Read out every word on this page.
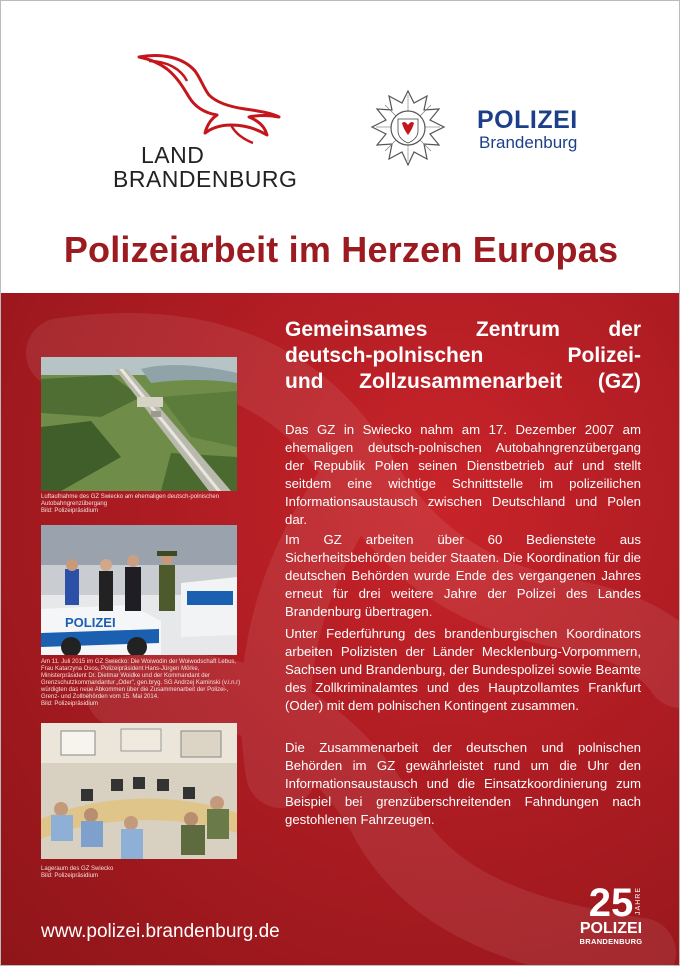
LAND
BRANDENBURG
POLIZEI
Brandenburg
Polizeiarbeit im Herzen Europas
Luftaufnahme des GZ Swiecko am ehemaligen deutsch-polnischen Autobahngrenzübergang
Bild: Polizeipräsidium
POLIZEI
Am 11. Juli 2015 im GZ Swiecko: Die Woiwodin der Woiwodschaft Lebus, Frau Katarzyna Osos, Polizeipräsident Hans-Jürgen Mörke, Ministerpräsident Dr. Dietmar Woidke und der Kommandant der Grenzschutzkommandantur „Oder", gen.bryg. SG Andrzej Kaminski (v.l.n.r) würdigten das neue Abkommen über die Zusammenarbeit der Polizei-, Grenz- und Zollbehörden vom 15. Mai 2014.
Bild: Polizeipräsidium
Lageraum des GZ Swiecko
Bild: Polizeipräsidium
Gemeinsames Zentrum der
deutsch-polnischen Polizei-
und Zollzusammenarbeit (GZ)

Das GZ in Swiecko nahm am 17. Dezember 2007 am ehemaligen deutsch-polnischen Autobahngrenzübergang der Republik Polen seinen Dienstbetrieb auf und stellt seitdem eine wichtige Schnittstelle im polizeilichen Informationsaustausch zwischen Deutschland und Polen dar.

Im GZ arbeiten über 60 Bedienstete aus Sicherheitsbehörden beider Staaten. Die Koordination für die deutschen Behörden wurde Ende des vergangenen Jahres erneut für drei weitere Jahre der Polizei des Landes Brandenburg übertragen.

Unter Federführung des brandenburgischen Koordinators arbeiten Polizisten der Länder Mecklenburg-Vorpommern, Sachsen und Brandenburg, der Bundespolizei sowie Beamte des Zollkriminalamtes und des Hauptzollamtes Frankfurt (Oder) mit dem polnischen Kontingent zusammen.

Die Zusammenarbeit der deutschen und polnischen Behörden im GZ gewährleistet rund um die Uhr den Informationsaustausch und die Einsatzkoordinierung zum Beispiel bei grenzüberschreitenden Fahndungen nach gestohlenen Fahrzeugen.

www.polizei.brandenburg.de
25 JAHRE
POLIZEI
BRANDENBURG
